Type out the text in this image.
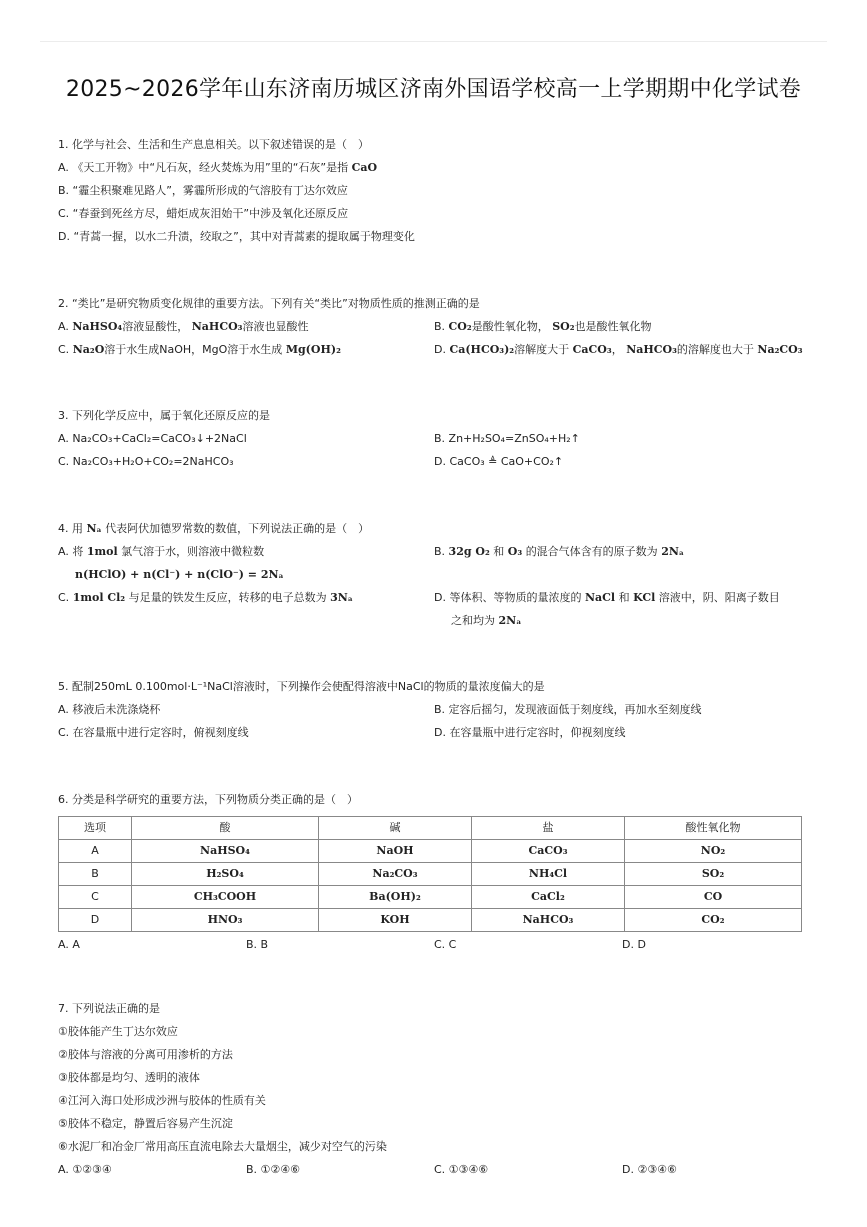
2025~2026学年山东济南历城区济南外国语学校高一上学期期中化学试卷
1. 化学与社会、生活和生产息息相关。以下叙述错误的是（　）
A. 《天工开物》中“凡石灰，经火焚炼为用”里的“石灰”是指 CaO
B. “霾尘积聚难见路人”，雾霾所形成的气溶胶有丁达尔效应
C. “春蚕到死丝方尽，蜡炬成灰泪始干”中涉及氧化还原反应
D. “青蒿一握，以水二升渍，绞取之”，其中对青蒿素的提取属于物理变化
2. “类比”是研究物质变化规律的重要方法。下列有关“类比”对物质性质的推测正确的是
A. NaHSO₄溶液显酸性， NaHCO₃溶液也显酸性	B. CO₂是酸性氧化物， SO₂也是酸性氧化物
C. Na₂O溶于水生成NaOH，MgO溶于水生成 Mg(OH)₂	D. Ca(HCO₃)₂溶解度大于 CaCO₃， NaHCO₃的溶解度也大于 Na₂CO₃
3. 下列化学反应中，属于氧化还原反应的是
A. Na₂CO₃+CaCl₂=CaCO₃↓+2NaCl	B. Zn+H₂SO₄=ZnSO₄+H₂↑
C. Na₂CO₃+H₂O+CO₂=2NaHCO₃	D. CaCO₃ ≜ CaO+CO₂↑
4. 用 Nₐ 代表阿伏加德罗常数的数值，下列说法正确的是（　）
A. 将 1mol 氯气溶于水，则溶液中微粒数
n(HClO) + n(Cl⁻) + n(ClO⁻) = 2Nₐ
B. 32g O₂ 和 O₃ 的混合气体含有的原子数为 2Nₐ
C. 1mol Cl₂ 与足量的铁发生反应，转移的电子总数为 3Nₐ	D. 等体积、等物质的量浓度的 NaCl 和 KCl 溶液中，阴、阳离子数目
之和均为 2Nₐ
5. 配制250mL 0.100mol·L⁻¹NaCl溶液时，下列操作会使配得溶液中NaCl的物质的量浓度偏大的是
A. 移液后未洗涤烧杯	B. 定容后摇匀，发现液面低于刻度线，再加水至刻度线
C. 在容量瓶中进行定容时，俯视刻度线	D. 在容量瓶中进行定容时，仰视刻度线
6. 分类是科学研究的重要方法，下列物质分类正确的是（　）
选项	酸	碱	盐	酸性氧化物
A	NaHSO₄	NaOH	CaCO₃	NO₂
B	H₂SO₄	Na₂CO₃	NH₄Cl	SO₂
C	CH₃COOH	Ba(OH)₂	CaCl₂	CO
D	HNO₃	KOH	NaHCO₃	CO₂
A. A	B. B	C. C	D. D
7. 下列说法正确的是
①胶体能产生丁达尔效应
②胶体与溶液的分离可用渗析的方法
③胶体都是均匀、透明的液体
④江河入海口处形成沙洲与胶体的性质有关
⑤胶体不稳定，静置后容易产生沉淀
⑥水泥厂和冶金厂常用高压直流电除去大量烟尘，减少对空气的污染
A. ①②③④	B. ①②④⑥	C. ①③④⑥	D. ②③④⑥
